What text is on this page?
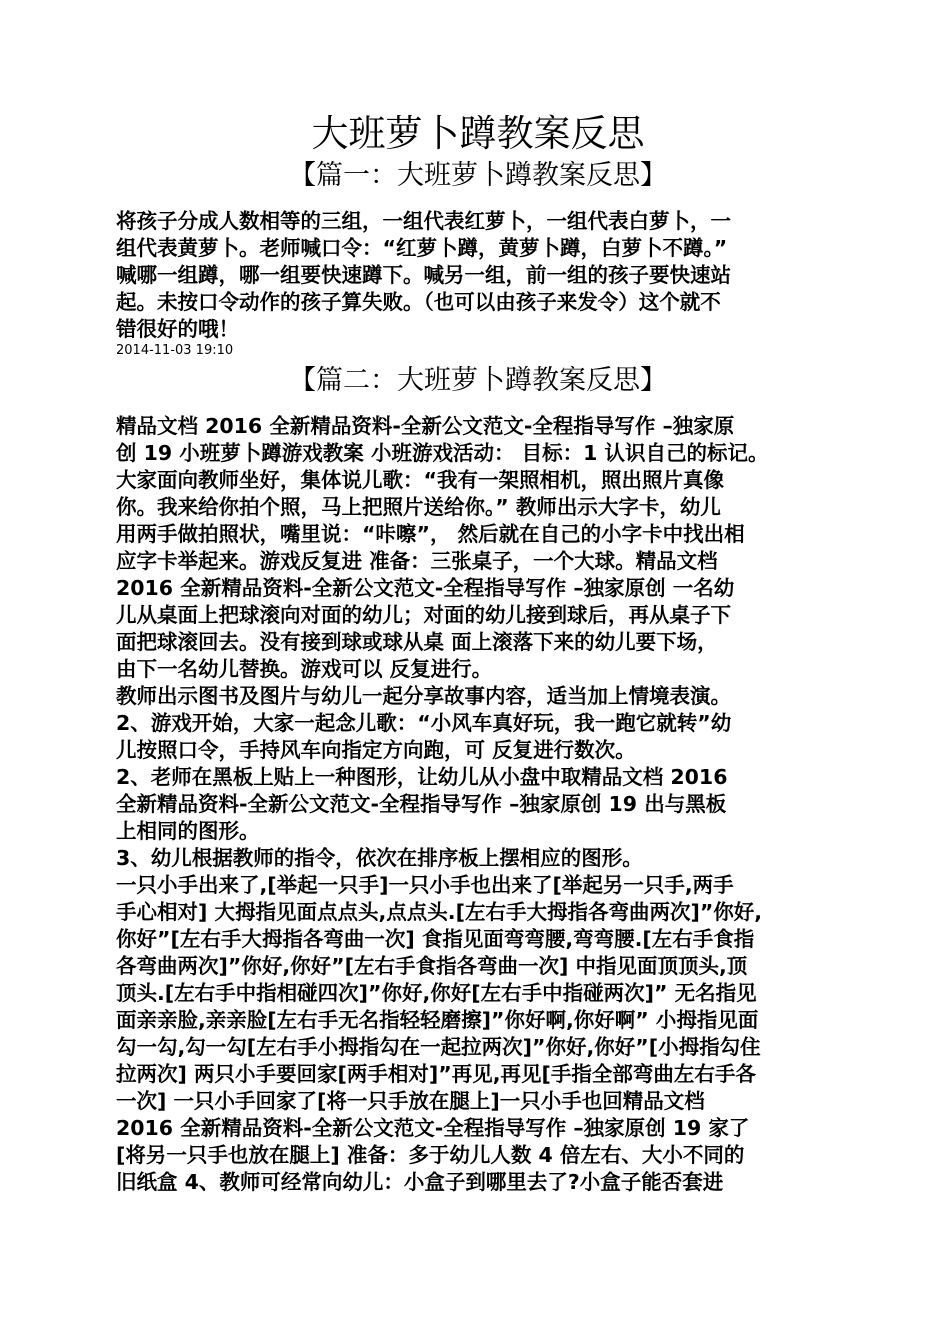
大班萝卜蹲教案反思
【篇一：大班萝卜蹲教案反思】
将孩子分成人数相等的三组，一组代表红萝卜，一组代表白萝卜，一
组代表黄萝卜。老师喊口令：“红萝卜蹲，黄萝卜蹲，白萝卜不蹲。”
喊哪一组蹲，哪一组要快速蹲下。喊另一组，前一组的孩子要快速站
起。未按口令动作的孩子算失败。（也可以由孩子来发令）这个就不
错很好的哦！

2014-11-03 19:10

【篇二：大班萝卜蹲教案反思】
精品文档 2016 全新精品资料-全新公文范文-全程指导写作 –独家原
创 19 小班萝卜蹲游戏教案 小班游戏活动： 目标：1 认识自己的标记。
大家面向教师坐好，集体说儿歌：“我有一架照相机，照出照片真像
你。我来给你拍个照，马上把照片送给你。” 教师出示大字卡，幼儿
用两手做拍照状，嘴里说：“咔嚓”， 然后就在自己的小字卡中找出相
应字卡举起来。游戏反复进 准备：三张桌子，一个大球。精品文档
2016 全新精品资料-全新公文范文-全程指导写作 –独家原创 一名幼
儿从桌面上把球滚向对面的幼儿；对面的幼儿接到球后，再从桌子下
面把球滚回去。没有接到球或球从桌 面上滚落下来的幼儿要下场，
由下一名幼儿替换。游戏可以 反复进行。
教师出示图书及图片与幼儿一起分享故事内容，适当加上情境表演。
2、游戏开始，大家一起念儿歌：“小风车真好玩，我一跑它就转”幼
儿按照口令，手持风车向指定方向跑，可 反复进行数次。
2、老师在黑板上贴上一种图形，让幼儿从小盘中取精品文档 2016
全新精品资料-全新公文范文-全程指导写作 –独家原创 19 出与黑板
上相同的图形。
3、幼儿根据教师的指令，依次在排序板上摆相应的图形。
一只小手出来了,[举起一只手]一只小手也出来了[举起另一只手,两手
手心相对] 大拇指见面点点头,点点头.[左右手大拇指各弯曲两次]”你好,
你好”[左右手大拇指各弯曲一次] 食指见面弯弯腰,弯弯腰.[左右手食指
各弯曲两次]”你好,你好”[左右手食指各弯曲一次] 中指见面顶顶头,顶
顶头.[左右手中指相碰四次]”你好,你好[左右手中指碰两次]” 无名指见
面亲亲脸,亲亲脸[左右手无名指轻轻磨擦]”你好啊,你好啊” 小拇指见面
勾一勾,勾一勾[左右手小拇指勾在一起拉两次]”你好,你好”[小拇指勾住
拉两次] 两只小手要回家[两手相对]”再见,再见[手指全部弯曲左右手各
一次] 一只小手回家了[将一只手放在腿上]一只小手也回精品文档
2016 全新精品资料-全新公文范文-全程指导写作 –独家原创 19 家了
[将另一只手也放在腿上] 准备：多于幼儿人数 4 倍左右、大小不同的
旧纸盒 4、教师可经常向幼儿：小盒子到哪里去了?小盒子能否套进
